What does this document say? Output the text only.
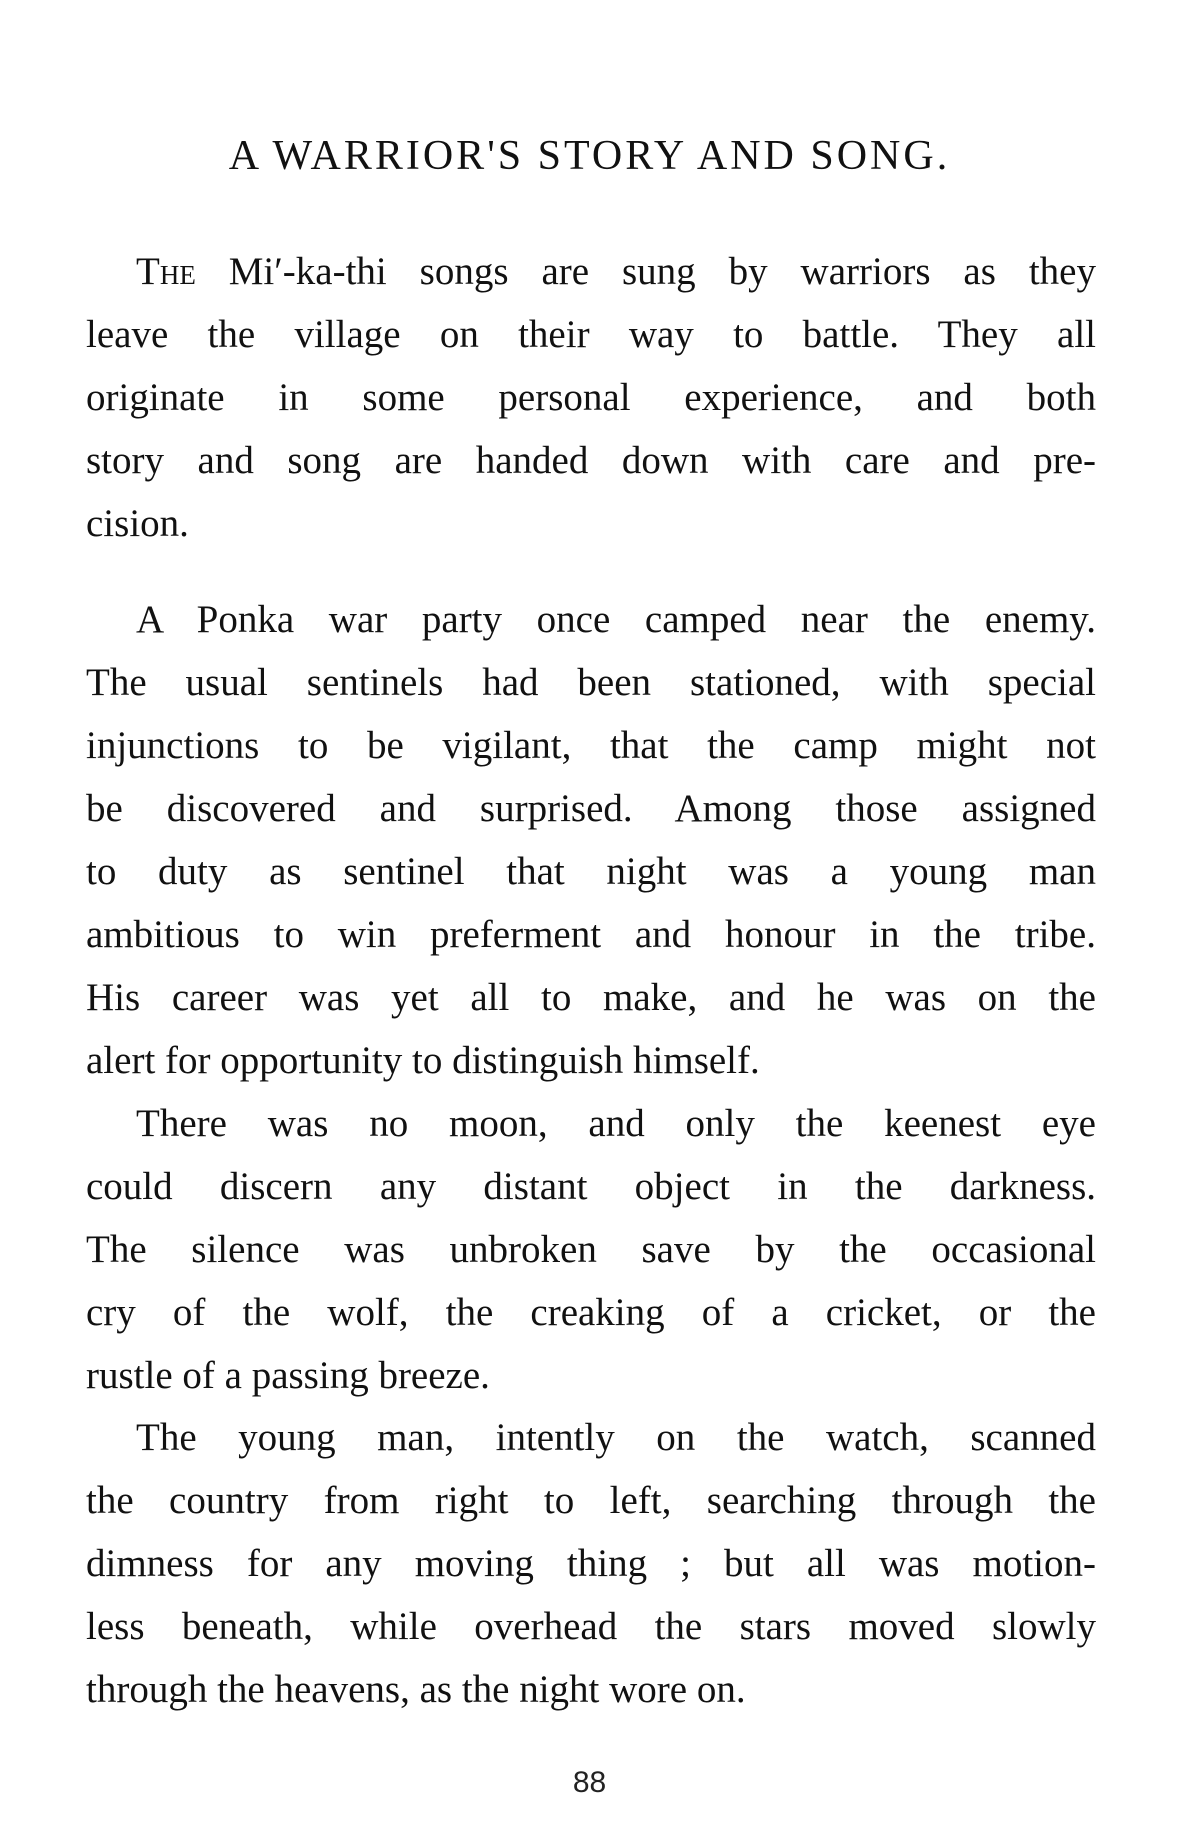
A WARRIOR'S STORY AND SONG.
The Mi′-ka-thi songs are sung by warriors as they
leave the village on their way to battle. They all
originate in some personal experience, and both
story and song are handed down with care and pre-
cision.
A Ponka war party once camped near the enemy.
The usual sentinels had been stationed, with special
injunctions to be vigilant, that the camp might not
be discovered and surprised. Among those assigned
to duty as sentinel that night was a young man
ambitious to win preferment and honour in the tribe.
His career was yet all to make, and he was on the
alert for opportunity to distinguish himself.
There was no moon, and only the keenest eye
could discern any distant object in the darkness.
The silence was unbroken save by the occasional
cry of the wolf, the creaking of a cricket, or the
rustle of a passing breeze.
The young man, intently on the watch, scanned
the country from right to left, searching through the
dimness for any moving thing ; but all was motion-
less beneath, while overhead the stars moved slowly
through the heavens, as the night wore on.
88
